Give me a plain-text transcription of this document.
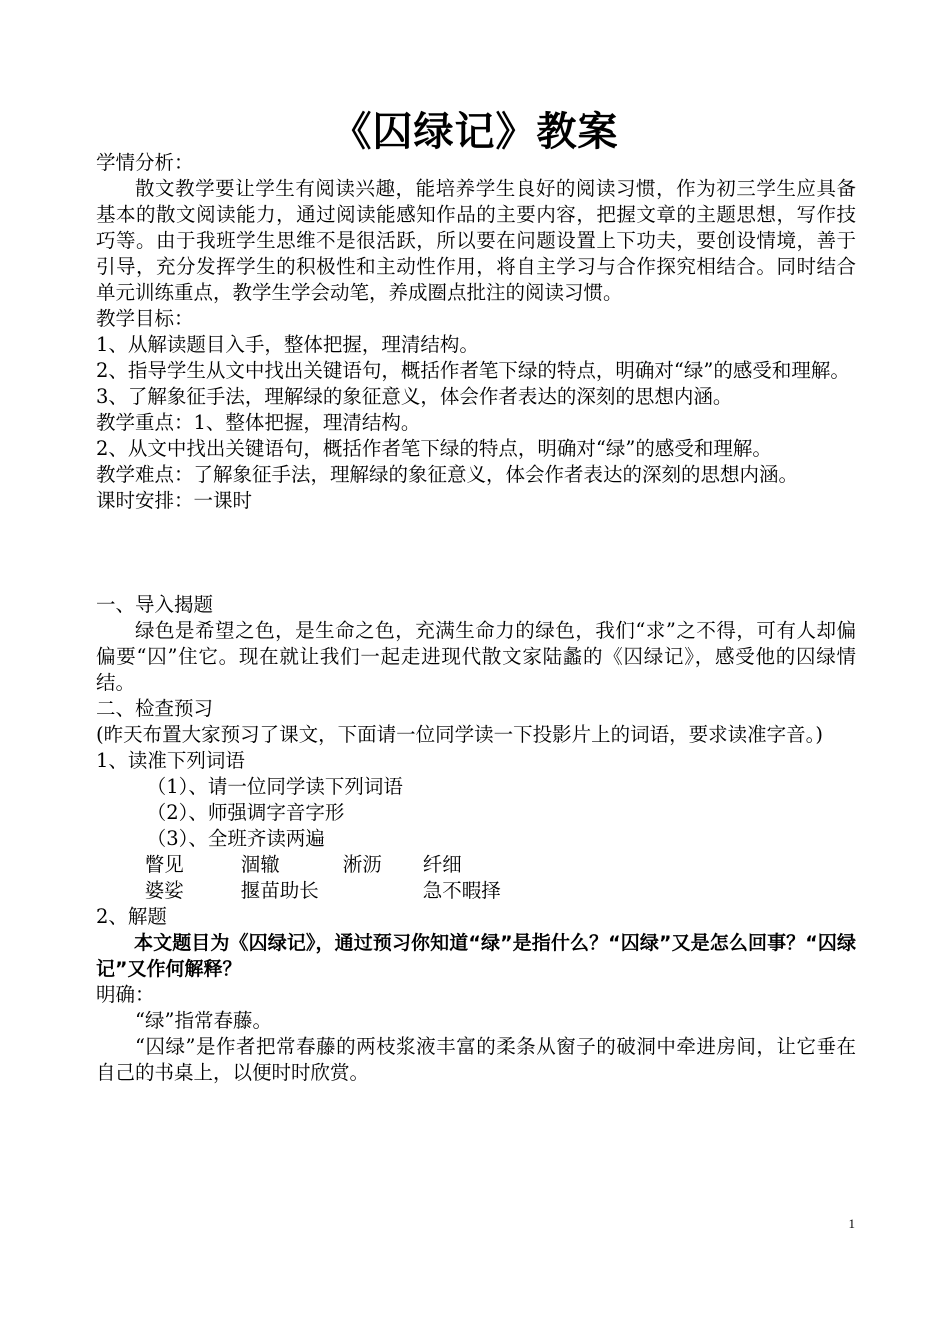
《囚绿记》教案

学情分析：

散文教学要让学生有阅读兴趣，能培养学生良好的阅读习惯，作为初三学生应具备基本的散文阅读能力，通过阅读能感知作品的主要内容，把握文章的主题思想，写作技巧等。由于我班学生思维不是很活跃，所以要在问题设置上下功夫，要创设情境，善于引导，充分发挥学生的积极性和主动性作用，将自主学习与合作探究相结合。同时结合单元训练重点，教学生学会动笔，养成圈点批注的阅读习惯。

教学目标：

1、从解读题目入手，整体把握，理清结构。

2、指导学生从文中找出关键语句，概括作者笔下绿的特点，明确对“绿”的感受和理解。

3、了解象征手法，理解绿的象征意义，体会作者表达的深刻的思想内涵。

教学重点：1、整体把握，理清结构。

2、从文中找出关键语句，概括作者笔下绿的特点，明确对“绿”的感受和理解。

教学难点：了解象征手法，理解绿的象征意义，体会作者表达的深刻的思想内涵。

课时安排：一课时

一、导入揭题

绿色是希望之色，是生命之色，充满生命力的绿色，我们“求”之不得，可有人却偏偏要“囚”住它。现在就让我们一起走进现代散文家陆蠡的《囚绿记》，感受他的囚绿情结。

二、检查预习

(昨天布置大家预习了课文，下面请一位同学读一下投影片上的词语，要求读准字音。)

1、读准下列词语

（1）、请一位同学读下列词语

（2）、师强调字音字形

（3）、全班齐读两遍

瞥见	涸辙	淅沥	纤细
婆娑	揠苗助长	急不暇择

2、解题

本文题目为《囚绿记》，通过预习你知道“绿”是指什么？“囚绿”又是怎么回事？“囚绿记”又作何解释？

明确：

“绿”指常春藤。

“囚绿”是作者把常春藤的两枝浆液丰富的柔条从窗子的破洞中牵进房间，让它垂在自己的书桌上，以便时时欣赏。

1
